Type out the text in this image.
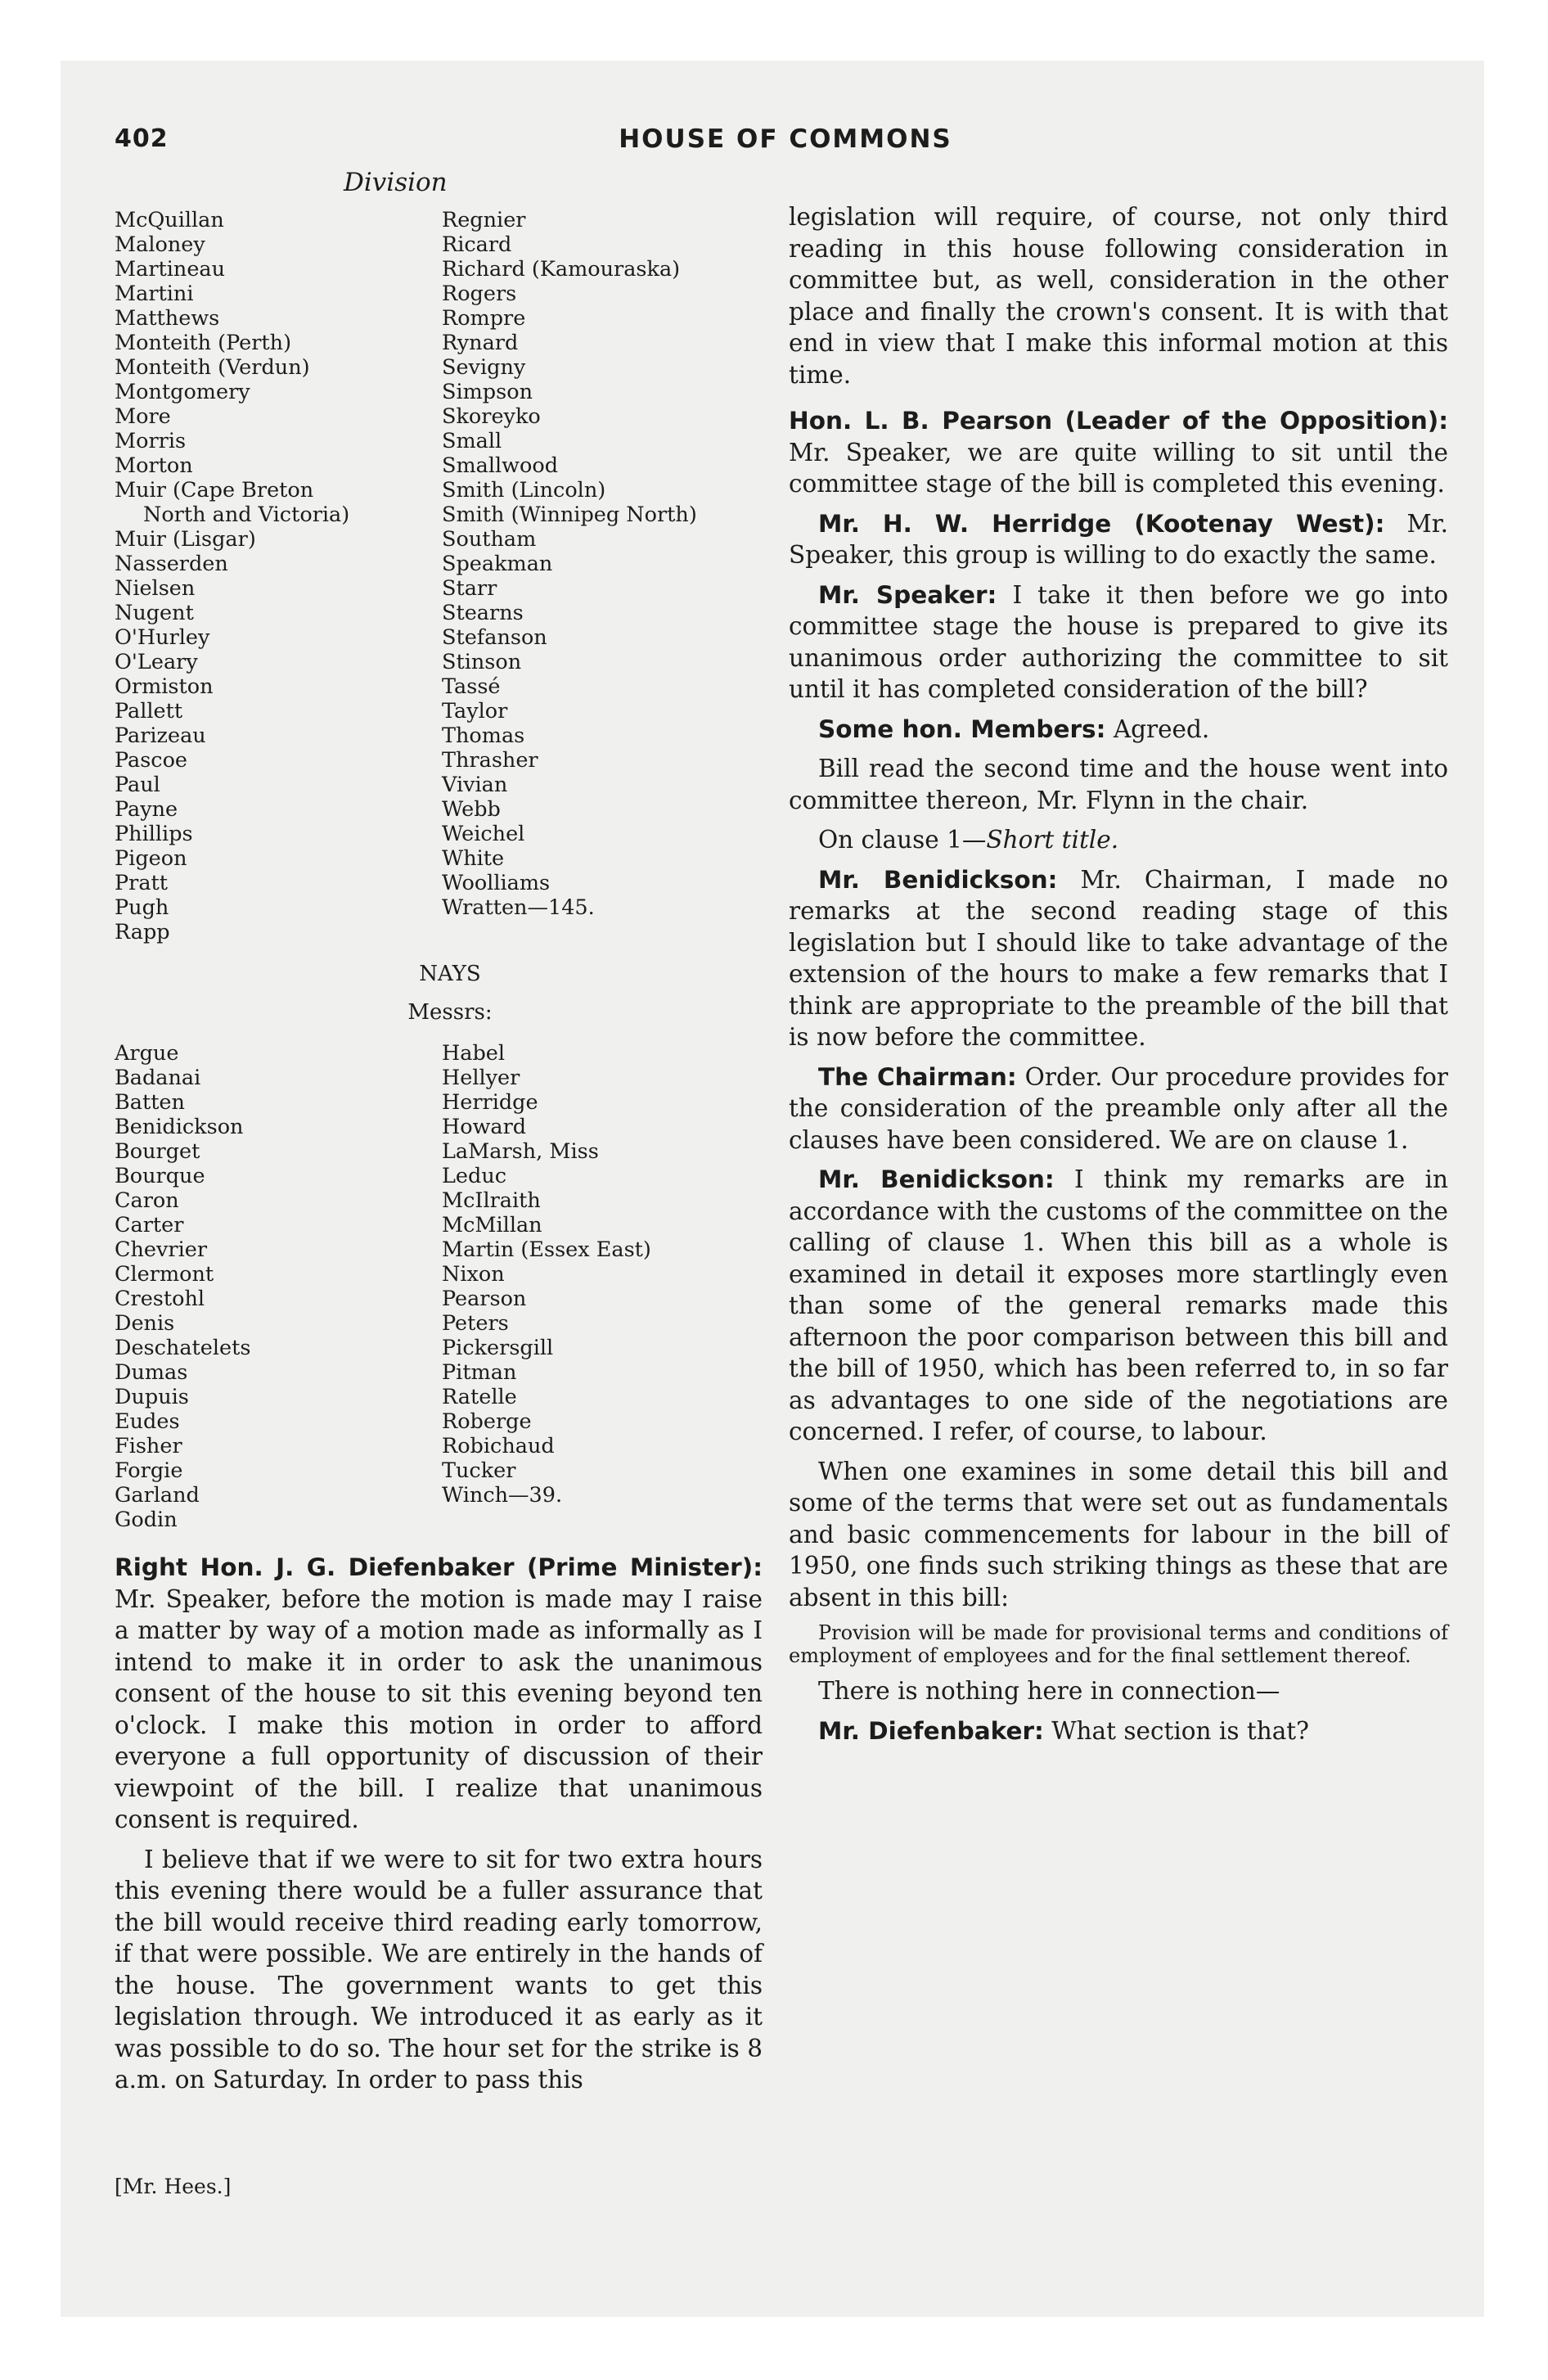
402	HOUSE OF COMMONS
Division
McQuillan
Maloney
Martineau
Martini
Matthews
Monteith (Perth)
Monteith (Verdun)
Montgomery
More
Morris
Morton
Muir (Cape Breton
North and Victoria)
Muir (Lisgar)
Nasserden
Nielsen
Nugent
O'Hurley
O'Leary
Ormiston
Pallett
Parizeau
Pascoe
Paul
Payne
Phillips
Pigeon
Pratt
Pugh
Rapp
Regnier
Ricard
Richard (Kamouraska)
Rogers
Rompre
Rynard
Sevigny
Simpson
Skoreyko
Small
Smallwood
Smith (Lincoln)
Smith (Winnipeg North)
Southam
Speakman
Starr
Stearns
Stefanson
Stinson
Tassé
Taylor
Thomas
Thrasher
Vivian
Webb
Weichel
White
Woolliams
Wratten—145.
NAYS
Messrs:
Argue
Badanai
Batten
Benidickson
Bourget
Bourque
Caron
Carter
Chevrier
Clermont
Crestohl
Denis
Deschatelets
Dumas
Dupuis
Eudes
Fisher
Forgie
Garland
Godin
Habel
Hellyer
Herridge
Howard
LaMarsh, Miss
Leduc
McIlraith
McMillan
Martin (Essex East)
Nixon
Pearson
Peters
Pickersgill
Pitman
Ratelle
Roberge
Robichaud
Tucker
Winch—39.

Right Hon. J. G. Diefenbaker (Prime Minister): Mr. Speaker, before the motion is made may I raise a matter by way of a motion made as informally as I intend to make it in order to ask the unanimous consent of the house to sit this evening beyond ten o'clock. I make this motion in order to afford everyone a full opportunity of discussion of their viewpoint of the bill. I realize that unanimous consent is required.

I believe that if we were to sit for two extra hours this evening there would be a fuller assurance that the bill would receive third reading early tomorrow, if that were possible. We are entirely in the hands of the house. The government wants to get this legislation through. We introduced it as early as it was possible to do so. The hour set for the strike is 8 a.m. on Saturday. In order to pass this

legislation will require, of course, not only third reading in this house following consideration in committee but, as well, consideration in the other place and finally the crown's consent. It is with that end in view that I make this informal motion at this time.

Hon. L. B. Pearson (Leader of the Opposition): Mr. Speaker, we are quite willing to sit until the committee stage of the bill is completed this evening.

Mr. H. W. Herridge (Kootenay West): Mr. Speaker, this group is willing to do exactly the same.

Mr. Speaker: I take it then before we go into committee stage the house is prepared to give its unanimous order authorizing the committee to sit until it has completed consideration of the bill?

Some hon. Members: Agreed.

Bill read the second time and the house went into committee thereon, Mr. Flynn in the chair.

On clause 1—Short title.

Mr. Benidickson: Mr. Chairman, I made no remarks at the second reading stage of this legislation but I should like to take advantage of the extension of the hours to make a few remarks that I think are appropriate to the preamble of the bill that is now before the committee.

The Chairman: Order. Our procedure provides for the consideration of the preamble only after all the clauses have been considered. We are on clause 1.

Mr. Benidickson: I think my remarks are in accordance with the customs of the committee on the calling of clause 1. When this bill as a whole is examined in detail it exposes more startlingly even than some of the general remarks made this afternoon the poor comparison between this bill and the bill of 1950, which has been referred to, in so far as advantages to one side of the negotiations are concerned. I refer, of course, to labour.

When one examines in some detail this bill and some of the terms that were set out as fundamentals and basic commencements for labour in the bill of 1950, one finds such striking things as these that are absent in this bill:

Provision will be made for provisional terms and conditions of employment of employees and for the final settlement thereof.

There is nothing here in connection—

Mr. Diefenbaker: What section is that?

[Mr. Hees.]
